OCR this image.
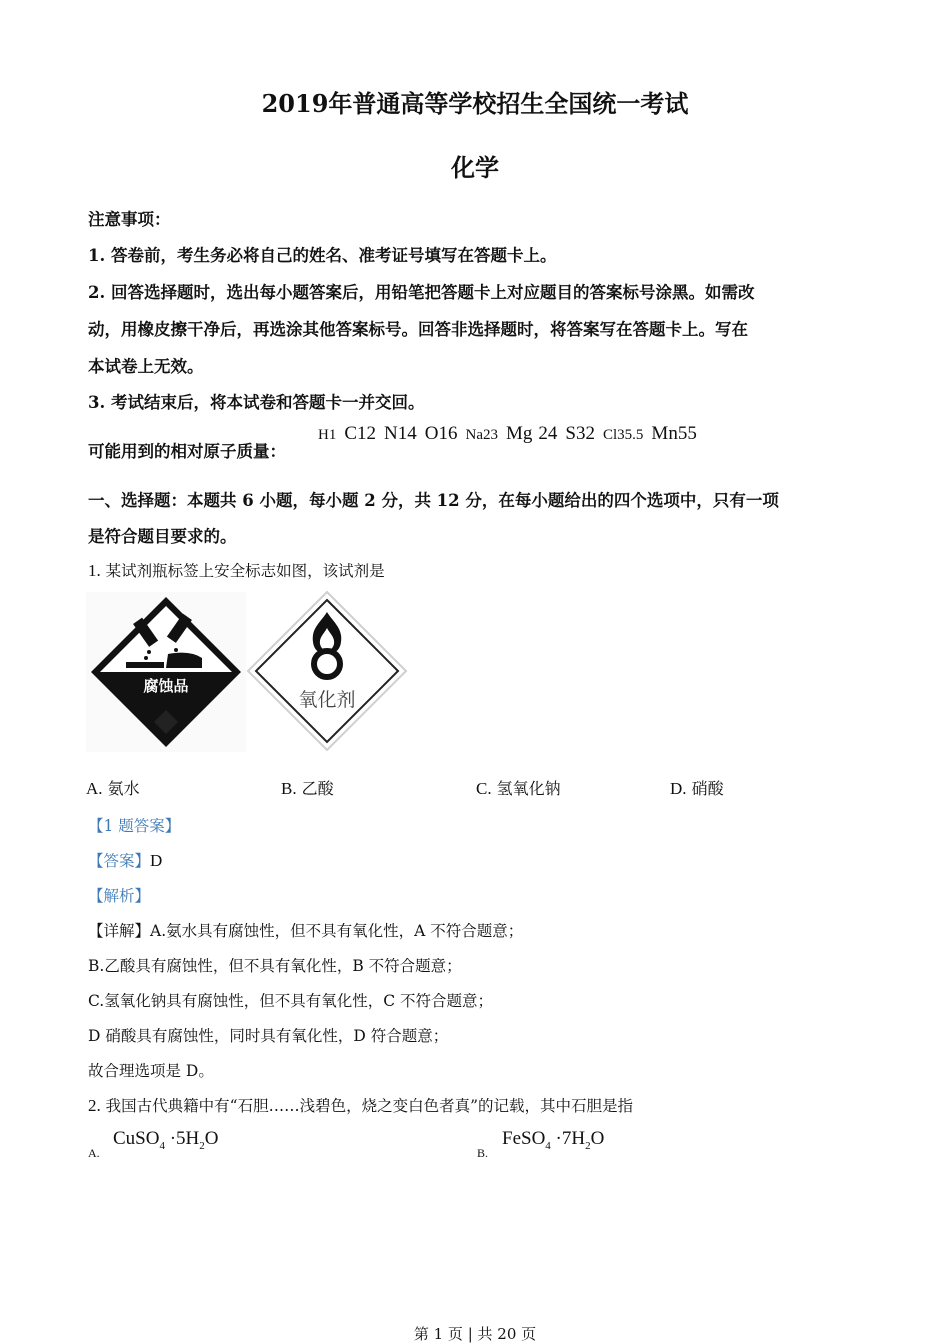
2019年普通高等学校招生全国统一考试
化学
注意事项：
1. 答卷前，考生务必将自己的姓名、准考证号填写在答题卡上。
2. 回答选择题时，选出每小题答案后，用铅笔把答题卡上对应题目的答案标号涂黑。如需改
动，用橡皮擦干净后，再选涂其他答案标号。回答非选择题时，将答案写在答题卡上。写在
本试卷上无效。
3. 考试结束后，将本试卷和答题卡一并交回。
可能用到的相对原子质量：
H1 C12 N14 O16 Na23 Mg 24 S32 Cl35.5 Mn55
一、选择题：本题共 6 小题，每小题 2 分，共 12 分，在每小题给出的四个选项中，只有一项
是符合题目要求的。
1. 某试剂瓶标签上安全标志如图，该试剂是
腐蚀品
氧化剂
A. 氨水	B. 乙酸	C. 氢氧化钠	D. 硝酸
【1 题答案】
【答案】D
【解析】
【详解】A.氨水具有腐蚀性，但不具有氧化性，A 不符合题意；
B.乙酸具有腐蚀性，但不具有氧化性，B 不符合题意；
C.氢氧化钠具有腐蚀性，但不具有氧化性，C 不符合题意；
D 硝酸具有腐蚀性，同时具有氧化性，D 符合题意；
故合理选项是 D。
2. 我国古代典籍中有“石胆……浅碧色，烧之变白色者真”的记载，其中石胆是指
A.
CuSO$_4$ $\cdot 5H_2O$
B.
FeSO$_4$ $\cdot 7H_2O$
第 1 页 | 共 20 页
